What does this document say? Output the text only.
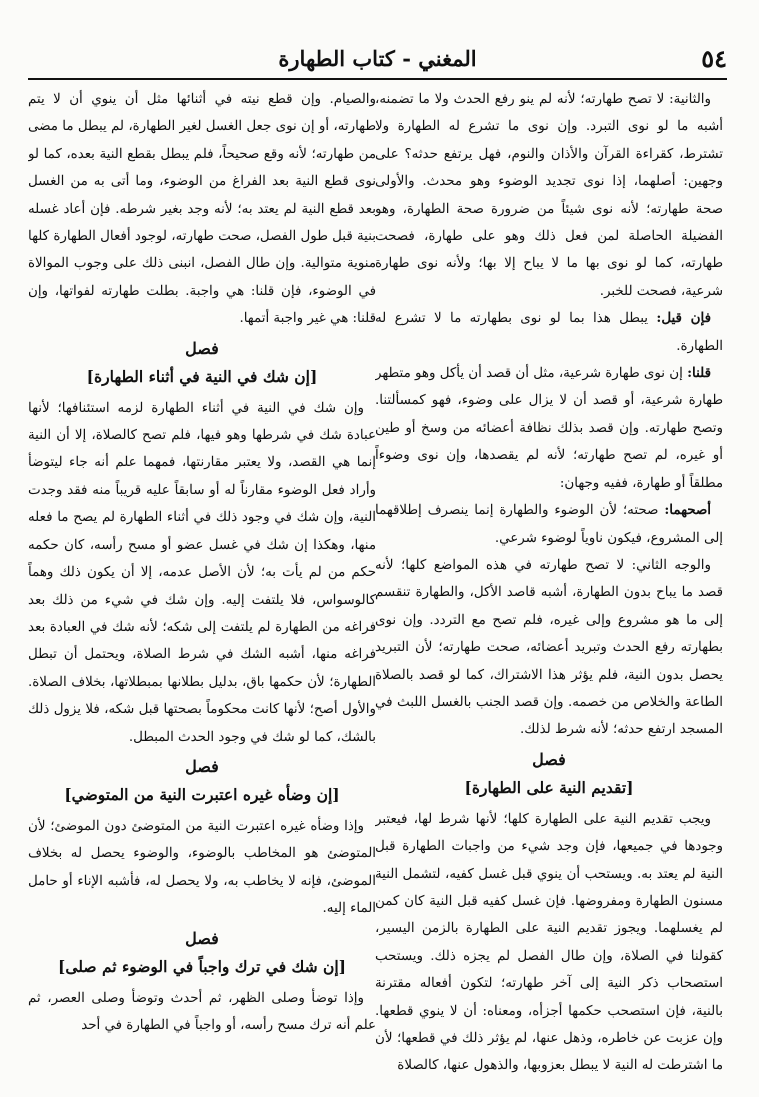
٥٤
المغني - كتاب الطهارة

والثانية: لا تصح طهارته؛ لأنه لم ينو رفع الحدث ولا ما تضمنه، أشبه ما لو نوى التبرد. وإن نوى ما تشرع له الطهارة ولا تشترط، كقراءة القرآن والأذان والنوم، فهل يرتفع حدثه؟ على وجهين: أصلهما، إذا نوى تجديد الوضوء وهو محدث. والأولى صحة طهارته؛ لأنه نوى شيئاً من ضرورة صحة الطهارة، وهو الفضيلة الحاصلة لمن فعل ذلك وهو على طهارة، فصحت طهارته، كما لو نوى بها ما لا يباح إلا بها؛ ولأنه نوى طهارة شرعية، فصحت للخبر.

فإن قيل: يبطل هذا بما لو نوى بطهارته ما لا تشرع له الطهارة.

قلنا: إن نوى طهارة شرعية، مثل أن قصد أن يأكل وهو متطهر طهارة شرعية، أو قصد أن لا يزال على وضوء، فهو كمسألتنا. وتصح طهارته. وإن قصد بذلك نظافة أعضائه من وسخ أو طين أو غيره، لم تصح طهارته؛ لأنه لم يقصدها، وإن نوى وضوءاً مطلقاً أو طهارة، ففيه وجهان:

أصحهما: صحته؛ لأن الوضوء والطهارة إنما ينصرف إطلاقهما إلى المشروع، فيكون ناوياً لوضوء شرعي.

والوجه الثاني: لا تصح طهارته في هذه المواضع كلها؛ لأنه قصد ما يباح بدون الطهارة، أشبه قاصد الأكل، والطهارة تنقسم إلى ما هو مشروع وإلى غيره، فلم تصح مع التردد. وإن نوى بطهارته رفع الحدث وتبريد أعضائه، صحت طهارته؛ لأن التبريد يحصل بدون النية، فلم يؤثر هذا الاشتراك، كما لو قصد بالصلاة الطاعة والخلاص من خصمه. وإن قصد الجنب بالغسل اللبث في المسجد ارتفع حدثه؛ لأنه شرط لذلك.

فصل
[تقديم النية على الطهارة]

ويجب تقديم النية على الطهارة كلها؛ لأنها شرط لها، فيعتبر وجودها في جميعها، فإن وجد شيء من واجبات الطهارة قبل النية لم يعتد به. ويستحب أن ينوي قبل غسل كفيه، لتشمل النية مسنون الطهارة ومفروضها. فإن غسل كفيه قبل النية كان كمن لم يغسلهما. ويجوز تقديم النية على الطهارة بالزمن اليسير، كقولنا في الصلاة، وإن طال الفصل لم يجزه ذلك. ويستحب استصحاب ذكر النية إلى آخر طهارته؛ لتكون أفعاله مقترنة بالنية، فإن استصحب حكمها أجزأه، ومعناه: أن لا ينوي قطعها. وإن عزبت عن خاطره، وذهل عنها، لم يؤثر ذلك في قطعها؛ لأن ما اشترطت له النية لا يبطل بعزوبها، والذهول عنها، كالصلاة

والصيام. وإن قطع نيته في أثنائها مثل أن ينوي أن لا يتم طهارته، أو إن نوى جعل الغسل لغير الطهارة، لم يبطل ما مضى من طهارته؛ لأنه وقع صحيحاً، فلم يبطل بقطع النية بعده، كما لو نوى قطع النية بعد الفراغ من الوضوء، وما أتى به من الغسل بعد قطع النية لم يعتد به؛ لأنه وجد بغير شرطه. فإن أعاد غسله بنية قبل طول الفصل، صحت طهارته، لوجود أفعال الطهارة كلها منوية متوالية. وإن طال الفصل، انبنى ذلك على وجوب الموالاة في الوضوء، فإن قلنا: هي واجبة. بطلت طهارته لفواتها، وإن قلنا: هي غير واجبة أتمها.

فصل
[إن شك في النية في أثناء الطهارة]

وإن شك في النية في أثناء الطهارة لزمه استئنافها؛ لأنها عبادة شك في شرطها وهو فيها، فلم تصح كالصلاة، إلا أن النية إنما هي القصد، ولا يعتبر مقارنتها، فمهما علم أنه جاء ليتوضأ وأراد فعل الوضوء مقارناً له أو سابقاً عليه قريباً منه فقد وجدت النية، وإن شك في وجود ذلك في أثناء الطهارة لم يصح ما فعله منها، وهكذا إن شك في غسل عضو أو مسح رأسه، كان حكمه حكم من لم يأت به؛ لأن الأصل عدمه، إلا أن يكون ذلك وهماً كالوسواس، فلا يلتفت إليه. وإن شك في شيء من ذلك بعد فراغه من الطهارة لم يلتفت إلى شكه؛ لأنه شك في العبادة بعد فراغه منها، أشبه الشك في شرط الصلاة، ويحتمل أن تبطل الطهارة؛ لأن حكمها باق، بدليل بطلانها بمبطلاتها، بخلاف الصلاة. والأول أصح؛ لأنها كانت محكوماً بصحتها قبل شكه، فلا يزول ذلك بالشك، كما لو شك في وجود الحدث المبطل.

فصل
[إن وضأه غيره اعتبرت النية من المتوضي]

وإذا وضأه غيره اعتبرت النية من المتوضئ دون الموضئ؛ لأن المتوضئ هو المخاطب بالوضوء، والوضوء يحصل له بخلاف الموضئ، فإنه لا يخاطب به، ولا يحصل له، فأشبه الإناء أو حامل الماء إليه.

فصل
[إن شك في ترك واجباً في الوضوء ثم صلى]

وإذا توضأ وصلى الظهر، ثم أحدث وتوضأ وصلى العصر، ثم علم أنه ترك مسح رأسه، أو واجباً في الطهارة في أحد
